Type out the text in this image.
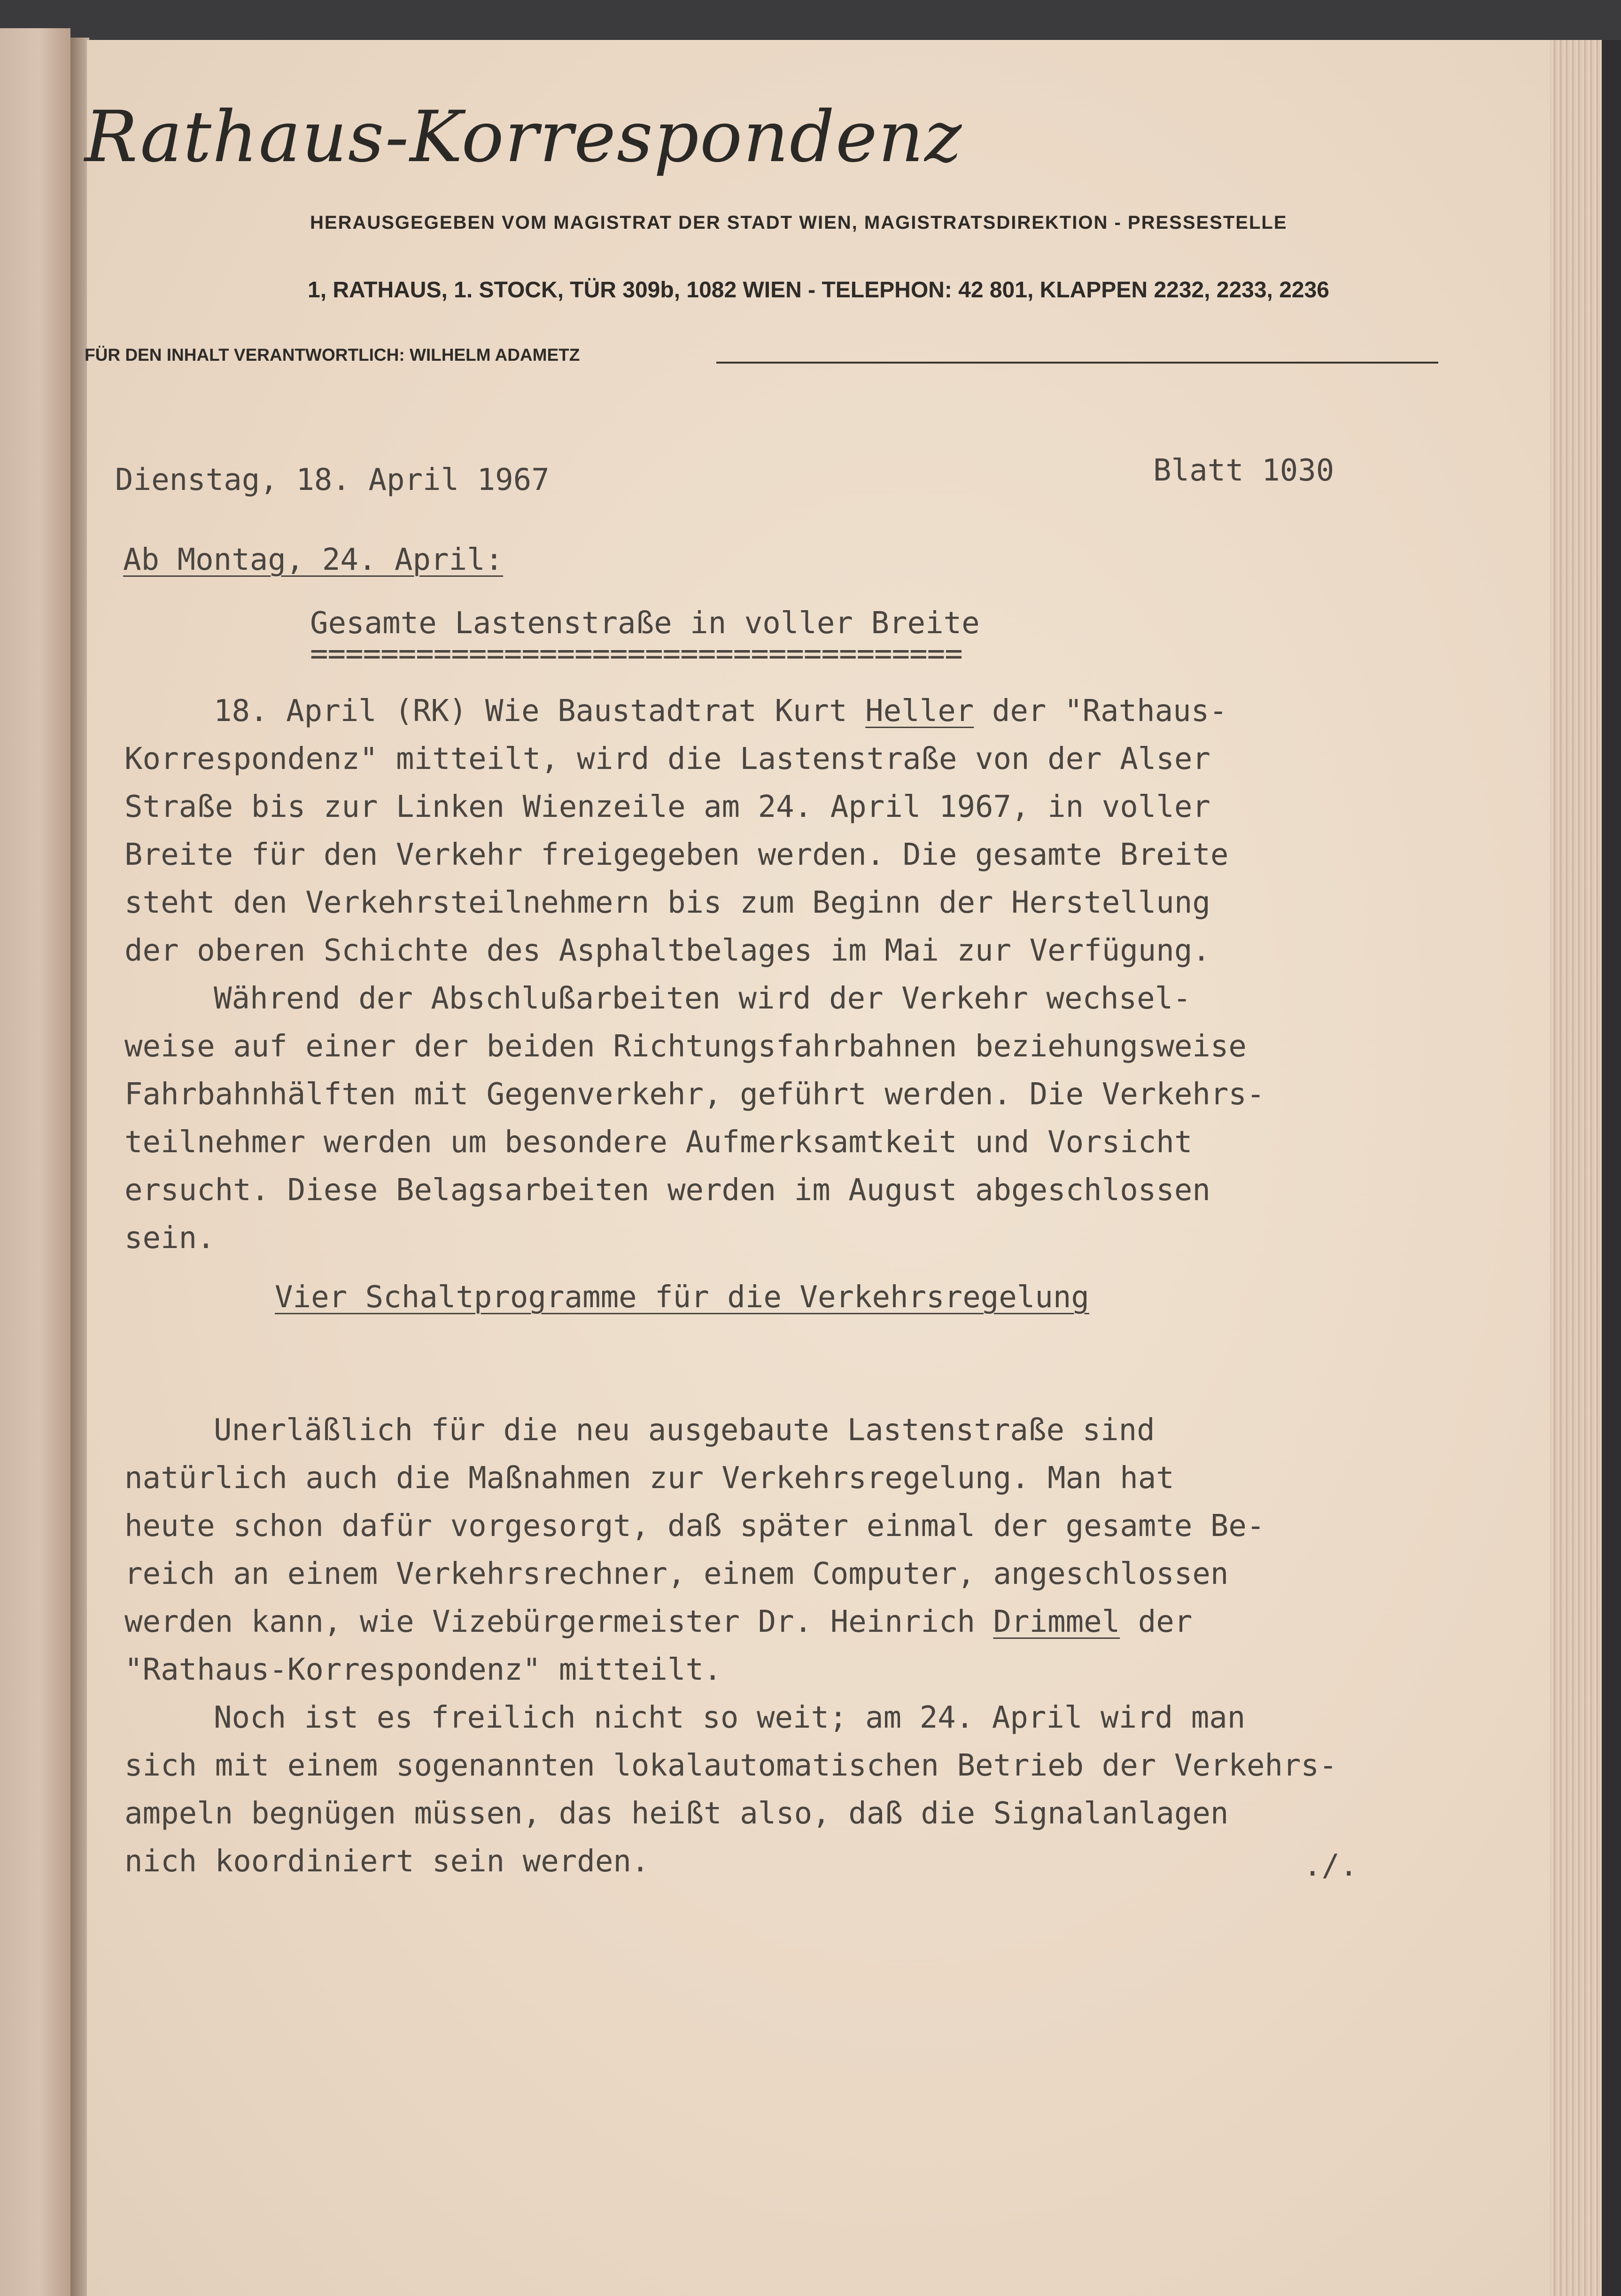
Rathaus-Korrespondenz
HERAUSGEGEBEN VOM MAGISTRAT DER STADT WIEN, MAGISTRATSDIREKTION - PRESSESTELLE
1, RATHAUS, 1. STOCK, TÜR 309b, 1082 WIEN - TELEPHON: 42 801, KLAPPEN 2232, 2233, 2236
FÜR DEN INHALT VERANTWORTLICH: WILHELM ADAMETZ
Dienstag, 18. April 1967	Blatt 1030
Ab Montag, 24. April:
Gesamte Lastenstraße in voller Breite
=====================================
18. April (RK) Wie Baustadtrat Kurt Heller der "Rathaus-
Korrespondenz" mitteilt, wird die Lastenstraße von der Alser
Straße bis zur Linken Wienzeile am 24. April 1967, in voller
Breite für den Verkehr freigegeben werden. Die gesamte Breite
steht den Verkehrsteilnehmern bis zum Beginn der Herstellung
der oberen Schichte des Asphaltbelages im Mai zur Verfügung.
Während der Abschlußarbeiten wird der Verkehr wechsel-
weise auf einer der beiden Richtungsfahrbahnen beziehungsweise
Fahrbahnhälften mit Gegenverkehr, geführt werden. Die Verkehrs-
teilnehmer werden um besondere Aufmerksamtkeit und Vorsicht
ersucht. Diese Belagsarbeiten werden im August abgeschlossen
sein.
Vier Schaltprogramme für die Verkehrsregelung
Unerläßlich für die neu ausgebaute Lastenstraße sind
natürlich auch die Maßnahmen zur Verkehrsregelung. Man hat
heute schon dafür vorgesorgt, daß später einmal der gesamte Be-
reich an einem Verkehrsrechner, einem Computer, angeschlossen
werden kann, wie Vizebürgermeister Dr. Heinrich Drimmel der
"Rathaus-Korrespondenz" mitteilt.
Noch ist es freilich nicht so weit; am 24. April wird man
sich mit einem sogenannten lokalautomatischen Betrieb der Verkehrs-
ampeln begnügen müssen, das heißt also, daß die Signalanlagen
nich koordiniert sein werden.	./.
